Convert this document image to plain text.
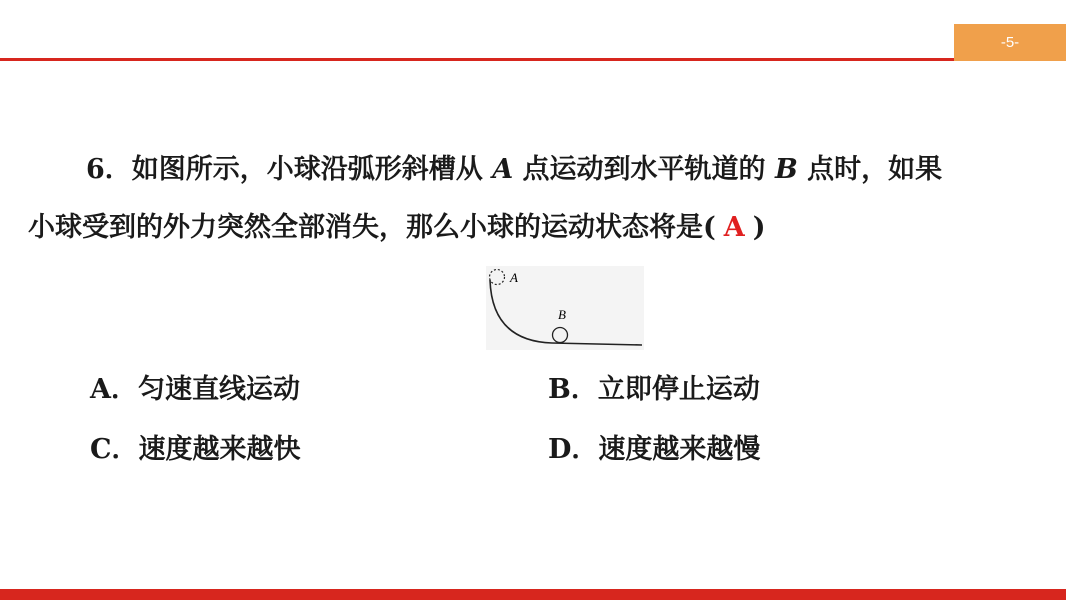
-5-
6．如图所示，小球沿弧形斜槽从 A 点运动到水平轨道的 B 点时，如果
小球受到的外力突然全部消失，那么小球的运动状态将是( A )
A
B
A．匀速直线运动	B．立即停止运动
C．速度越来越快	D．速度越来越慢
